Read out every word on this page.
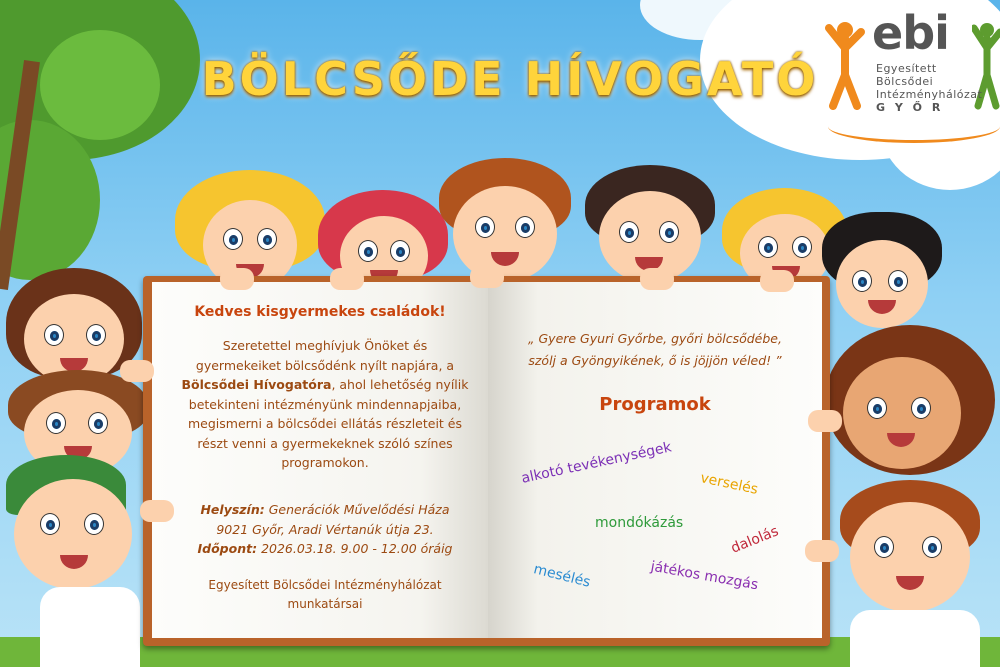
BÖLCSŐDE HÍVOGATÓ
ebi
Egyesített
Bölcsődei
Intézményhálózat
G Y Ő R
Kedves kisgyermekes családok!
Szeretettel meghívjuk Önöket és gyermekeiket bölcsődénk nyílt napjára, a Bölcsődei Hívogatóra, ahol lehetőség nyílik betekinteni intézményünk mindennapjaiba, megismerni a bölcsődei ellátás részleteit és részt venni a gyermekeknek szóló színes programokon.
Helyszín: Generációk Művelődési Háza
9021 Győr, Aradi Vértanúk útja 23.
Időpont: 2026.03.18. 9.00 - 12.00 óráig
Egyesített Bölcsődei Intézményhálózat
munkatársai
„ Gyere Gyuri Győrbe, győri bölcsődébe,
szólj a Gyöngyikének, ő is jöjjön véled! ”
Programok
alkotó tevékenységek verselés
mondókázás
dalolás
mesélés	játékos mozgás
